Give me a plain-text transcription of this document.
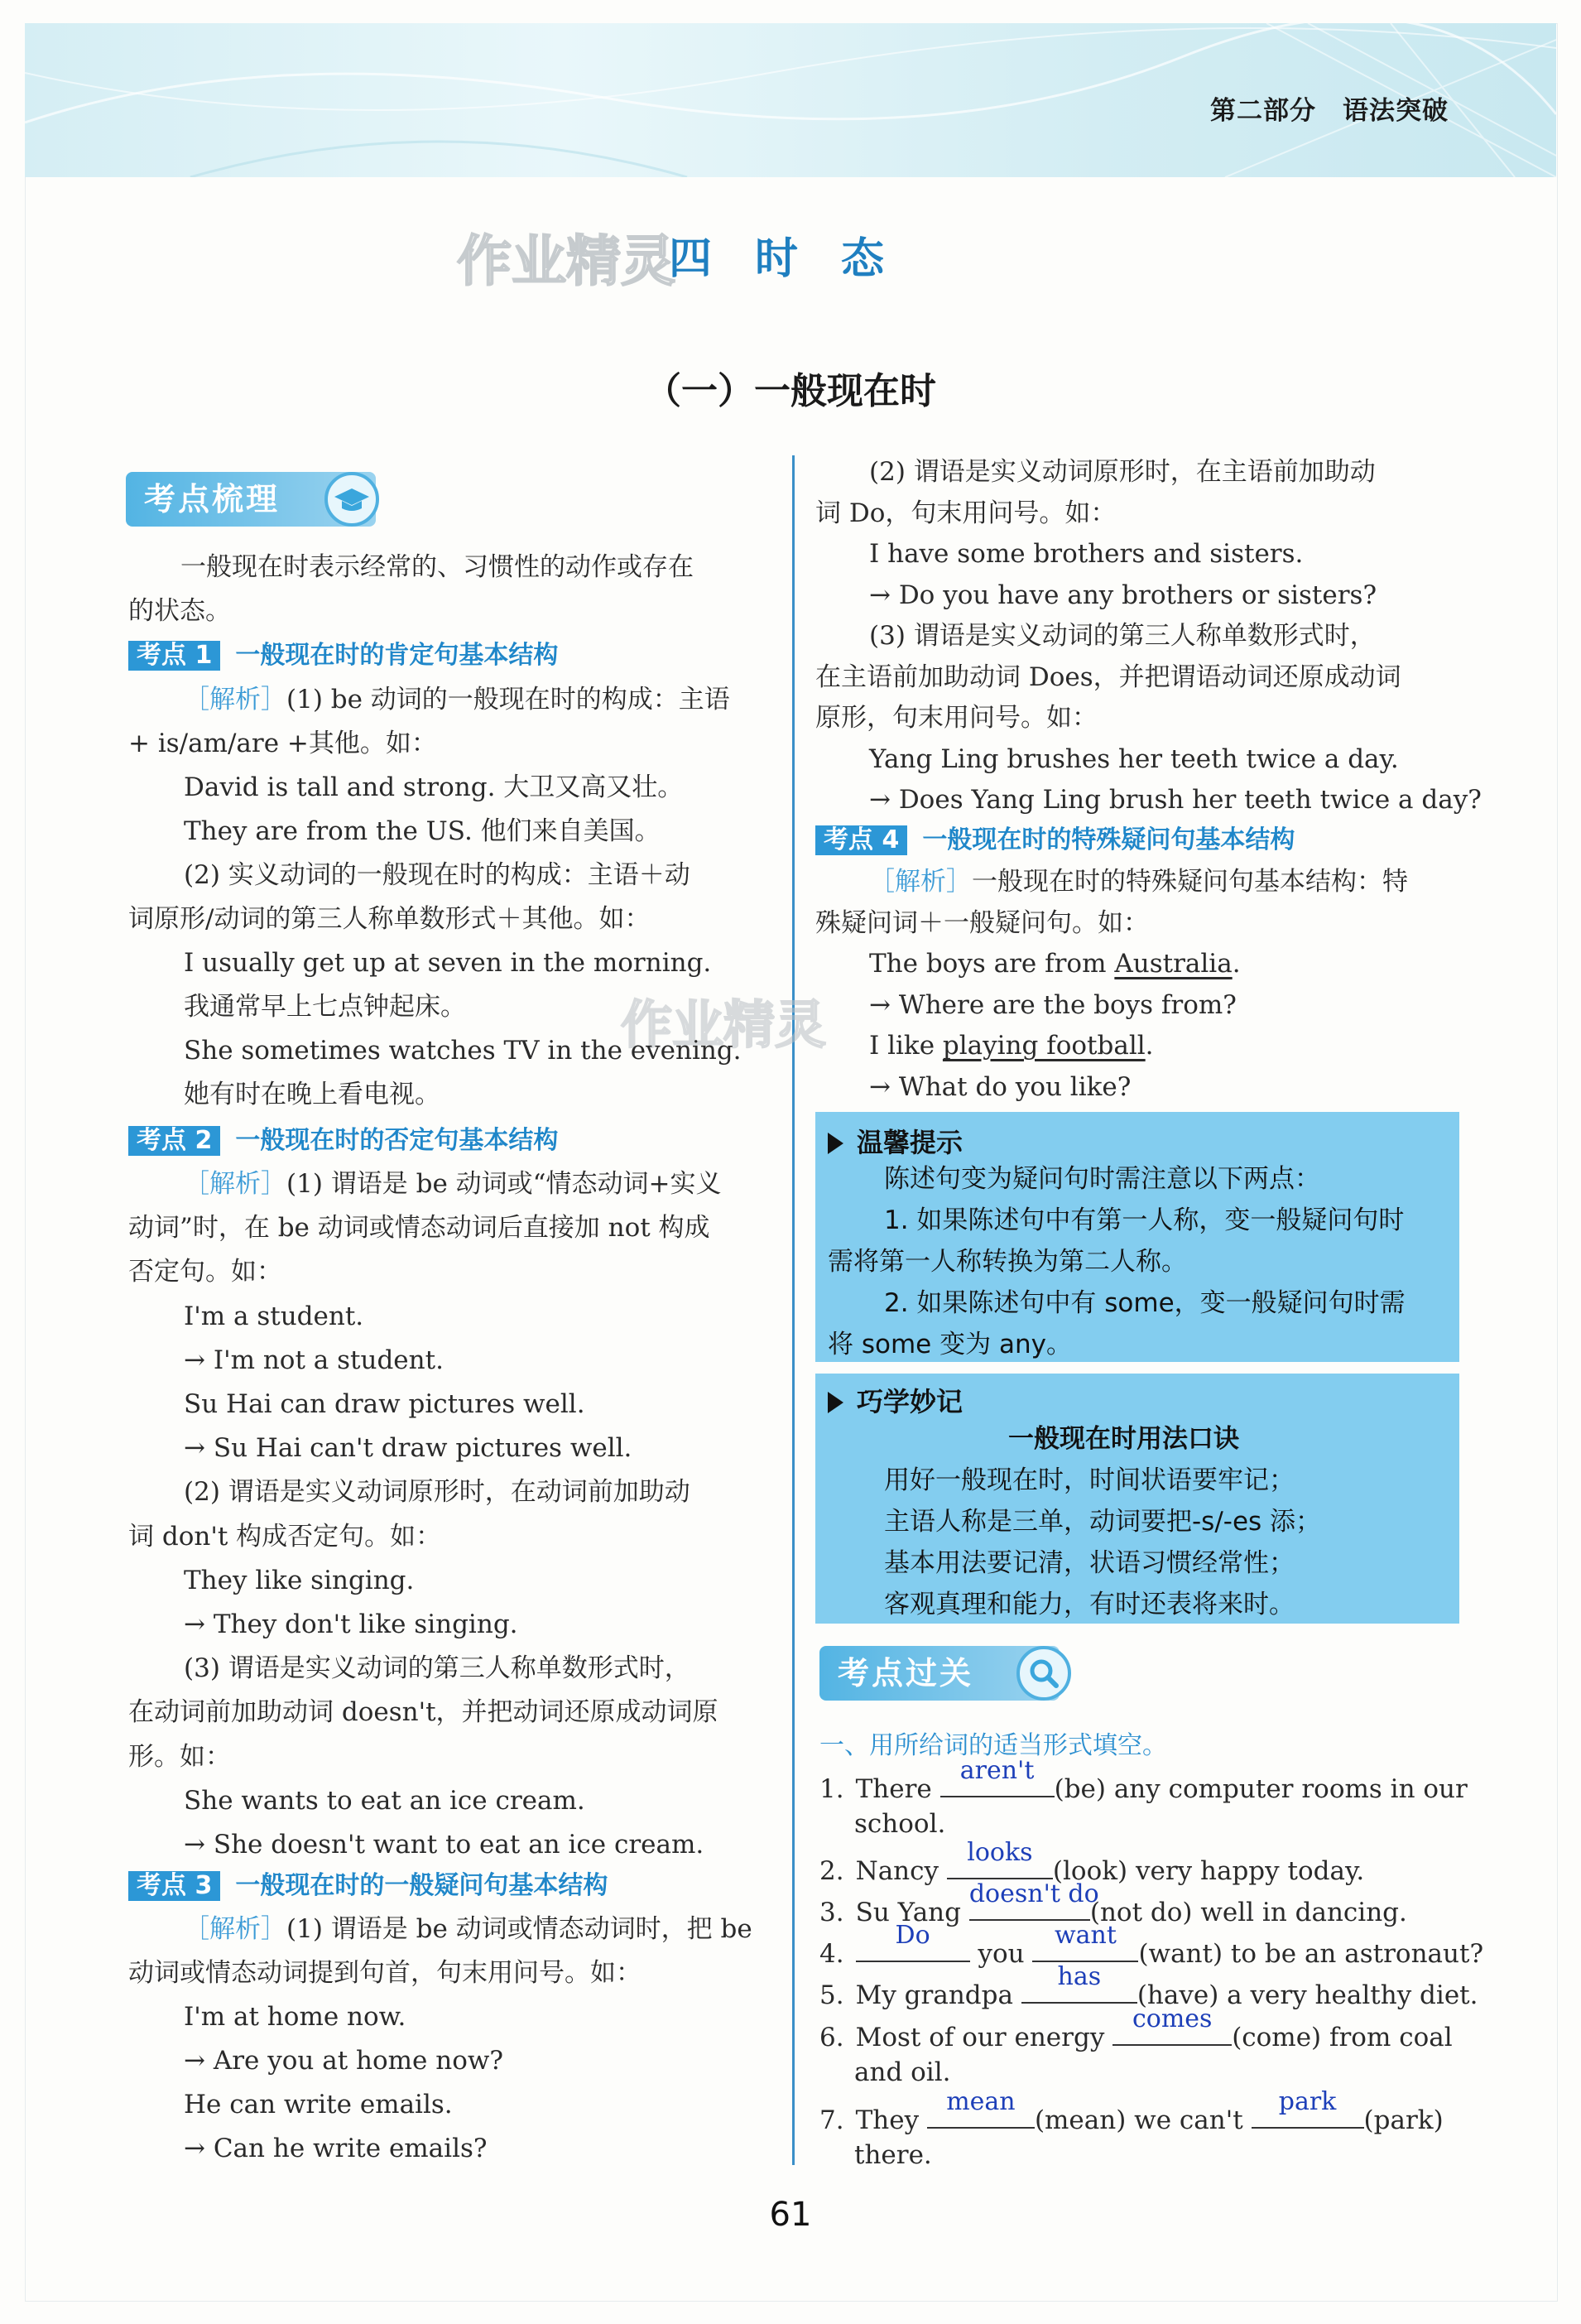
第二部分　语法突破
作业精灵
四　时　态
（一）一般现在时
考点梳理
作业精灵
61
一般现在时表示经常的、习惯性的动作或存在
的状态。
考点 1 一般现在时的肯定句基本结构
［解析］(1) be 动词的一般现在时的构成：主语
+ is/am/are +其他。如：
David is tall and strong. 大卫又高又壮。
They are from the US. 他们来自美国。
(2) 实义动词的一般现在时的构成：主语＋动
词原形/动词的第三人称单数形式＋其他。如：
I usually get up at seven in the morning.
我通常早上七点钟起床。
She sometimes watches TV in the evening.
她有时在晚上看电视。
考点 2 一般现在时的否定句基本结构
［解析］(1) 谓语是 be 动词或“情态动词+实义
动词”时，在 be 动词或情态动词后直接加 not 构成
否定句。如：
I'm a student.
→ I'm not a student.
Su Hai can draw pictures well.
→ Su Hai can't draw pictures well.
(2) 谓语是实义动词原形时，在动词前加助动
词 don't 构成否定句。如：
They like singing.
→ They don't like singing.
(3) 谓语是实义动词的第三人称单数形式时，
在动词前加助动词 doesn't，并把动词还原成动词原
形。如：
She wants to eat an ice cream.
→ She doesn't want to eat an ice cream.
考点 3 一般现在时的一般疑问句基本结构
［解析］(1) 谓语是 be 动词或情态动词时，把 be
动词或情态动词提到句首，句末用问号。如：
I'm at home now.
→ Are you at home now?
He can write emails.
→ Can he write emails?
(2) 谓语是实义动词原形时，在主语前加助动
词 Do，句末用问号。如：
I have some brothers and sisters.
→ Do you have any brothers or sisters?
(3) 谓语是实义动词的第三人称单数形式时，
在主语前加助动词 Does，并把谓语动词还原成动词
原形，句末用问号。如：
Yang Ling brushes her teeth twice a day.
→ Does Yang Ling brush her teeth twice a day?
考点 4 一般现在时的特殊疑问句基本结构
［解析］一般现在时的特殊疑问句基本结构：特
殊疑问词＋一般疑问句。如：
The boys are from Australia.
→ Where are the boys from?
I like playing football.
→ What do you like?
温馨提示
陈述句变为疑问句时需注意以下两点：
1. 如果陈述句中有第一人称，变一般疑问句时
需将第一人称转换为第二人称。
2. 如果陈述句中有 some，变一般疑问句时需
将 some 变为 any。
巧学妙记
一般现在时用法口诀
用好一般现在时，时间状语要牢记；
主语人称是三单，动词要把-s/-es 添；
基本用法要记清，状语习惯经常性；
客观真理和能力，有时还表将来时。
考点过关
一、用所给词的适当形式填空。
1. There
aren't
(be) any computer rooms in our
school.
2. Nancy
looks
(look) very happy today.
3. Su Yang
doesn't do
(not do) well in dancing.
4.
Do
you
want
(want) to be an astronaut?
5. My grandpa
has
(have) a very healthy diet.
6. Most of our energy
comes
(come) from coal
and oil.
7. They
mean
(mean) we can't
park
(park)
there.
